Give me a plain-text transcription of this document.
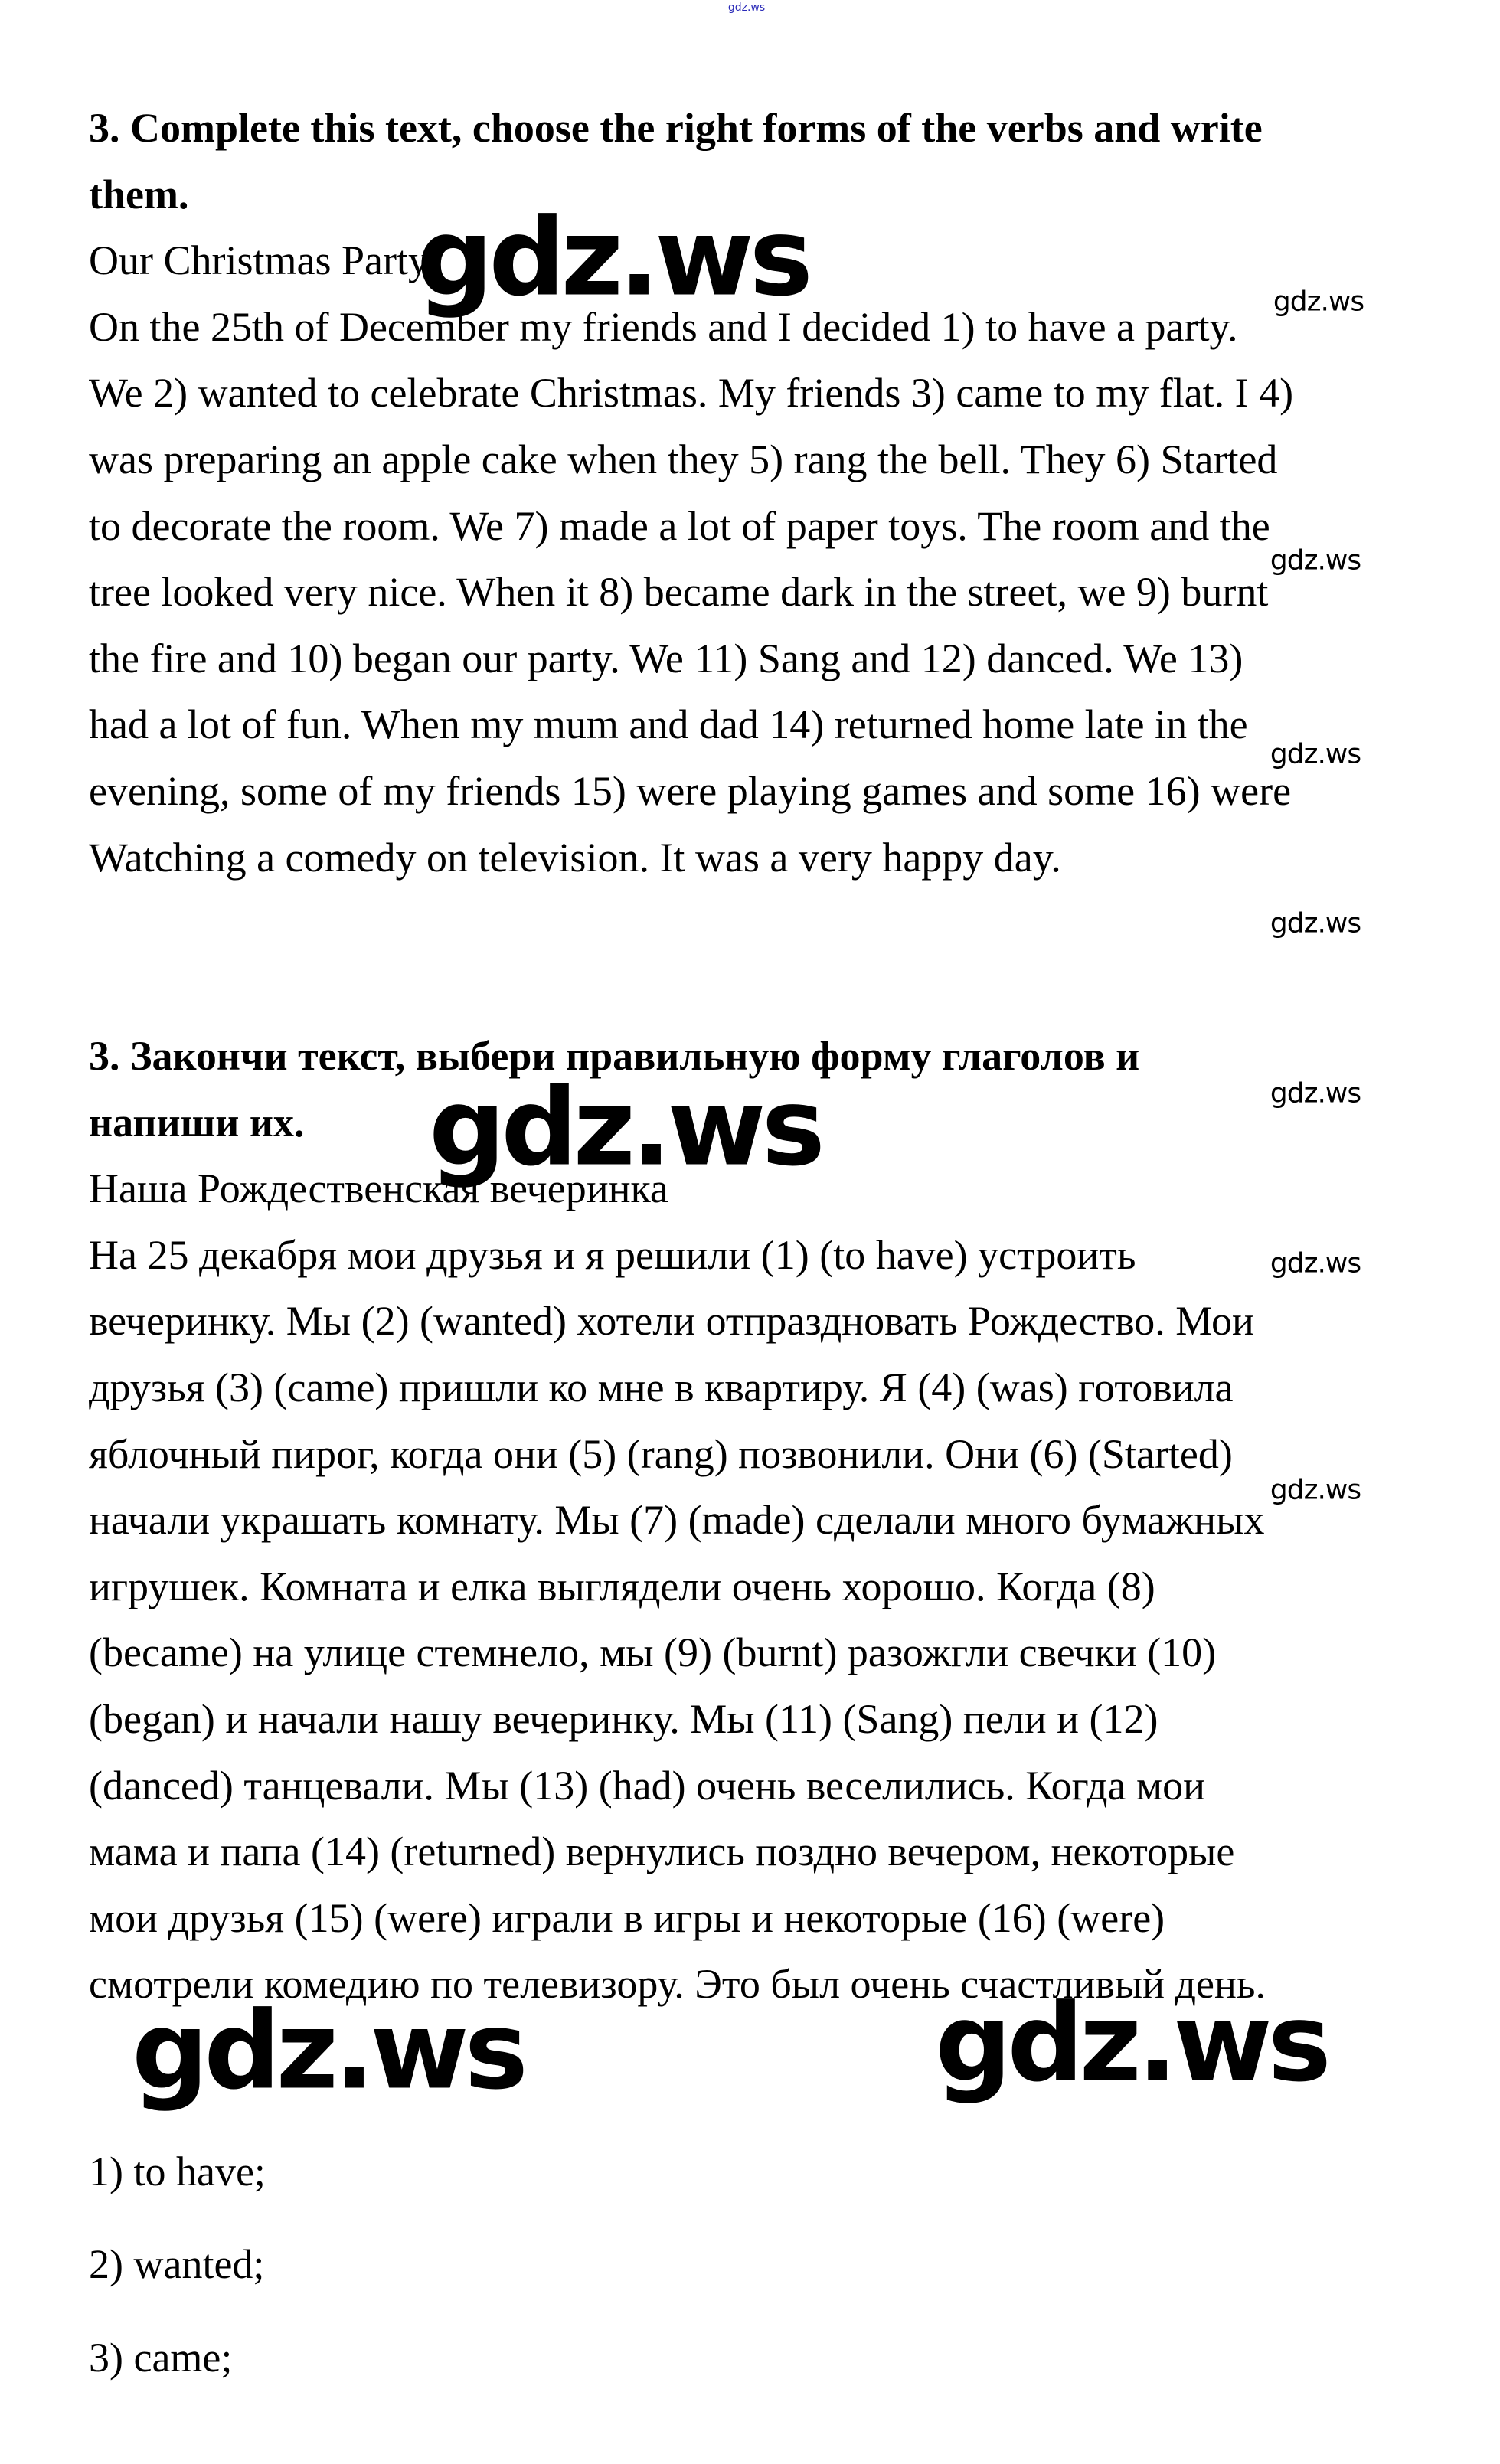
gdz.ws
3. Complete this text, choose the right forms of the verbs and write
them.
Our Christmas Party
On the 25th of December my friends and I decided 1) to have a party.
We 2) wanted to celebrate Christmas. My friends 3) came to my flat. I 4)
was preparing an apple cake when they 5) rang the bell. They 6) Started
to decorate the room. We 7) made a lot of paper toys. The room and the
tree looked very nice. When it 8) became dark in the street, we 9) burnt
the fire and 10) began our party. We 11) Sang and 12) danced. We 13)
had a lot of fun. When my mum and dad 14) returned home late in the
evening, some of my friends 15) were playing games and some 16) were
Watching a comedy on television. It was a very happy day.
3. Закончи текст, выбери правильную форму глаголов и
напиши их.
Наша Рождественская вечеринка
На 25 декабря мои друзья и я решили (1) (to have) устроить
вечеринку. Мы (2) (wanted) хотели отпраздновать Рождество. Мои
друзья (3) (came) пришли ко мне в квартиру. Я (4) (was) готовила
яблочный пирог, когда они (5) (rang) позвонили. Они (6) (Started)
начали украшать комнату. Мы (7) (made) сделали много бумажных
игрушек. Комната и елка выглядели очень хорошо. Когда (8)
(became) на улице стемнело, мы (9) (burnt) разожгли свечки (10)
(began) и начали нашу вечеринку. Мы (11) (Sang) пели и (12)
(danced) танцевали. Мы (13) (had) очень веселились. Когда мои
мама и папа (14) (returned) вернулись поздно вечером, некоторые
мои друзья (15) (were) играли в игры и некоторые (16) (were)
смотрели комедию по телевизору. Это был очень счастливый день.
1) to have;
2) wanted;
3) came;
gdz.ws
gdz.ws
gdz.ws
gdz.ws
gdz.ws
gdz.ws
gdz.ws
gdz.ws
gdz.ws
gdz.ws	gdz.ws
